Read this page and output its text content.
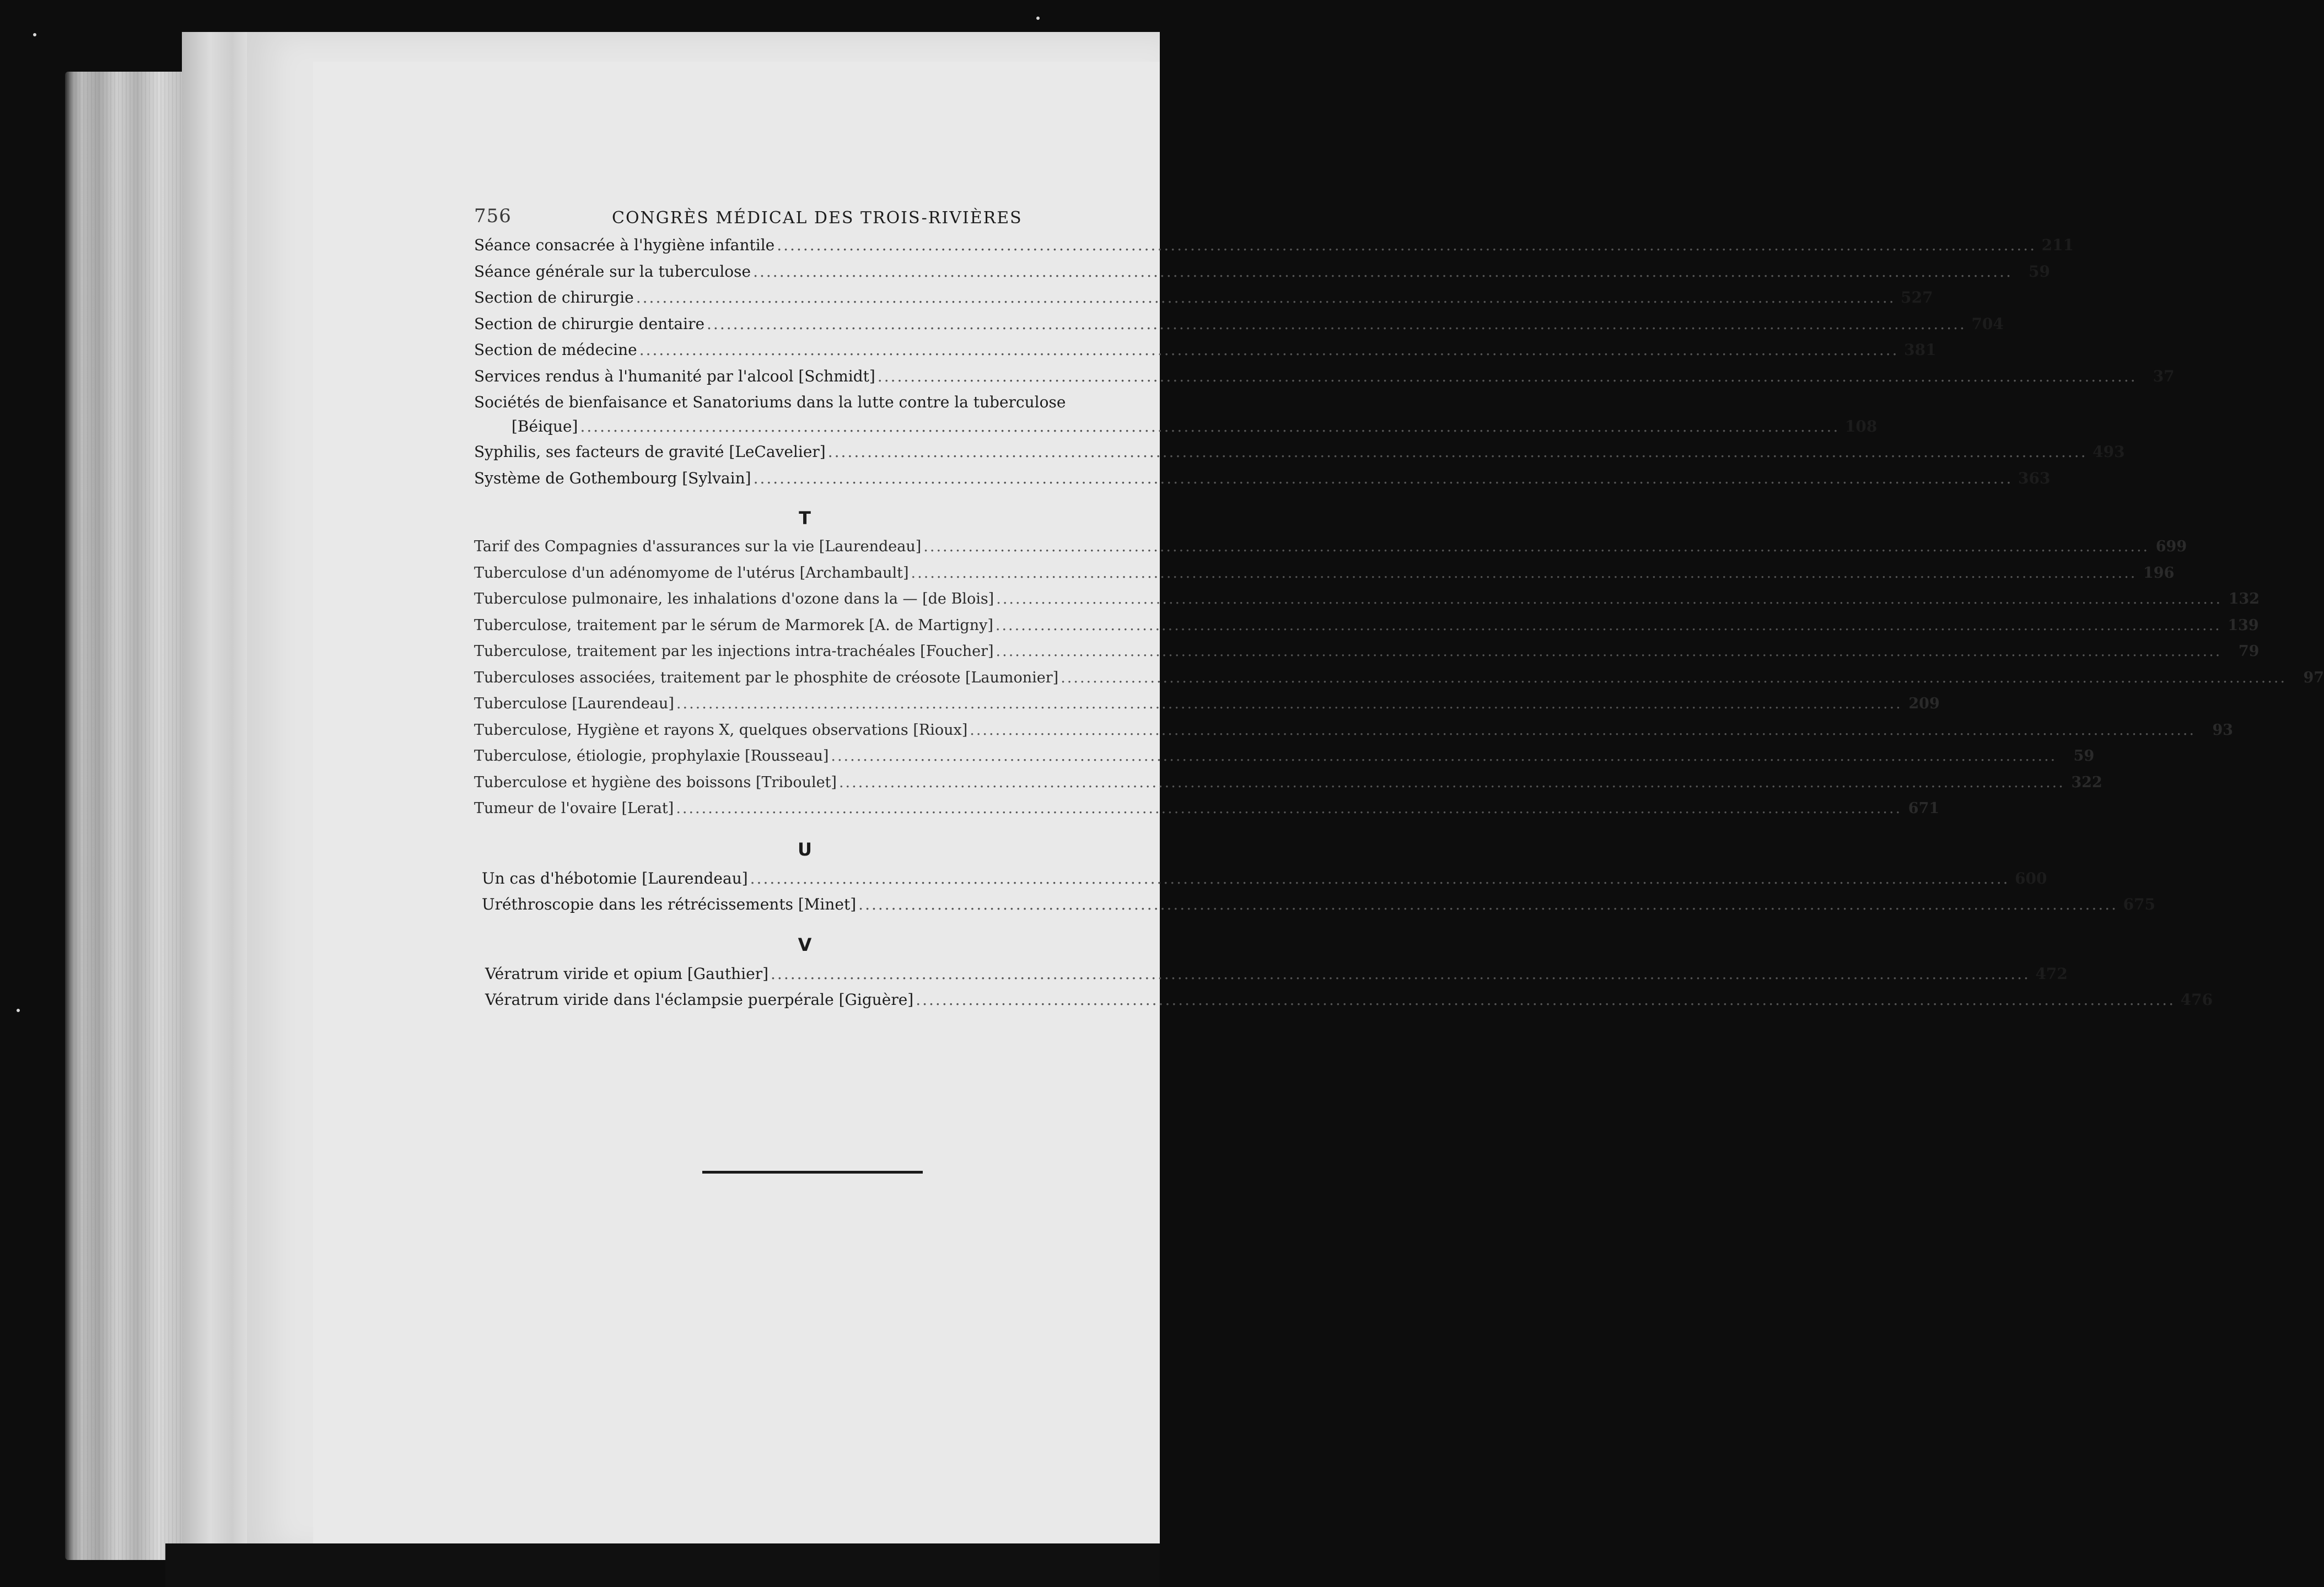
756	CONGRÈS MÉDICAL DES TROIS-RIVIÈRES
Séance consacrée à l'hygiène infantile .....	211
Séance générale sur la tuberculose .....	59
Section de chirurgie .....	527
Section de chirurgie dentaire .....	704
Section de médecine .....	381
Services rendus à l'humanité par l'alcool [Schmidt] .....	37
Sociétés de bienfaisance et Sanatoriums dans la lutte contre la tuberculose
[Béique] .....	108
Syphilis, ses facteurs de gravité [LeCavelier] .....	493
Système de Gothembourg [Sylvain] .....	363
T
Tarif des Compagnies d'assurances sur la vie [Laurendeau] .....	699
Tuberculose d'un adénomyome de l'utérus [Archambault] .....	196
Tuberculose pulmonaire, les inhalations d'ozone dans la — [de Blois] .....	132
Tuberculose, traitement par le sérum de Marmorek [A. de Martigny] .....	139
Tuberculose, traitement par les injections intra-trachéales [Foucher] .....	79
Tuberculoses associées, traitement par le phosphite de créosote [Laumonier] .....	97
Tuberculose [Laurendeau] .....	209
Tuberculose, Hygiène et rayons X, quelques observations [Rioux] .....	93
Tuberculose, étiologie, prophylaxie [Rousseau] .....	59
Tuberculose et hygiène des boissons [Triboulet] .....	322
Tumeur de l'ovaire [Lerat] .....	671
U
Un cas d'hébotomie [Laurendeau] .....	600
Uréthroscopie dans les rétrécissements [Minet] .....	675
V
Vératrum viride et opium [Gauthier] .....	472
Vératrum viride dans l'éclampsie puerpérale [Giguère] .....	476
